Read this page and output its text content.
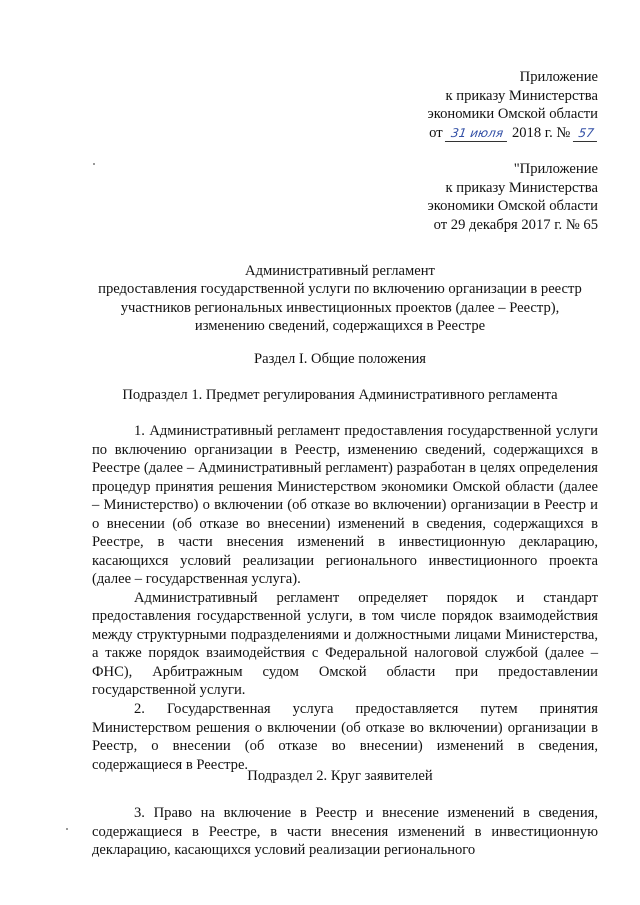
Приложение
к приказу Министерства
экономики Омской области
от 31 июля 2018 г. № 57
"Приложение
к приказу Министерства
экономики Омской области
от 29 декабря 2017 г. № 65
Административный регламент
предоставления государственной услуги по включению организации в реестр
участников региональных инвестиционных проектов (далее – Реестр),
изменению сведений, содержащихся в Реестре
Раздел I. Общие положения
Подраздел 1. Предмет регулирования Административного регламента

1. Административный регламент предоставления государственной услуги по включению организации в Реестр, изменению сведений, содержащихся в Реестре (далее – Административный регламент) разработан в целях определения процедур принятия решения Министерством экономики Омской области (далее – Министерство) о включении (об отказе во включении) организации в Реестр и о внесении (об отказе во внесении) изменений в сведения, содержащихся в Реестре, в части внесения изменений в инвестиционную декларацию, касающихся условий реализации регионального инвестиционного проекта (далее – государственная услуга).

Административный регламент определяет порядок и стандарт предоставления государственной услуги, в том числе порядок взаимодействия между структурными подразделениями и должностными лицами Министерства, а также порядок взаимодействия с Федеральной налоговой службой (далее – ФНС), Арбитражным судом Омской области при предоставлении государственной услуги.

2. Государственная услуга предоставляется путем принятия Министерством решения о включении (об отказе во включении) организации в Реестр, о внесении (об отказе во внесении) изменений в сведения, содержащиеся в Реестре.

Подраздел 2. Круг заявителей

3. Право на включение в Реестр и внесение изменений в сведения, содержащиеся в Реестре, в части внесения изменений в инвестиционную декларацию, касающихся условий реализации регионального
